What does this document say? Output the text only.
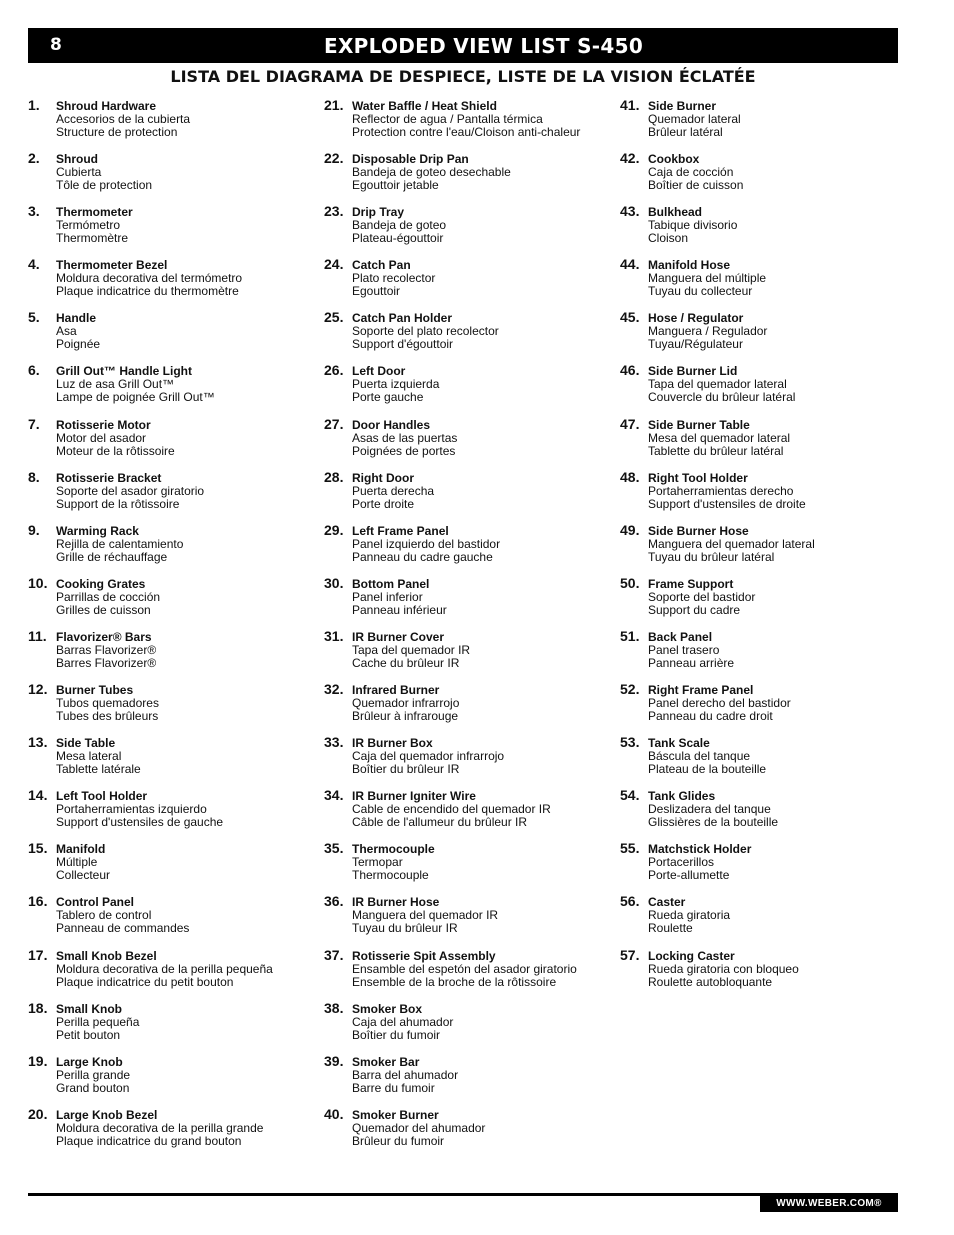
8	EXPLODED VIEW LIST S-450
LISTA DEL DIAGRAMA DE DESPIECE, LISTE DE LA VISION ÉCLATÉE
1. Shroud Hardware
Accesorios de la cubierta
Structure de protection
2. Shroud
Cubierta
Tôle de protection
3. Thermometer
Termómetro
Thermomètre
4. Thermometer Bezel
Moldura decorativa del termómetro
Plaque indicatrice du thermomètre
5. Handle
Asa
Poignée
6. Grill Out™ Handle Light
Luz de asa Grill Out™
Lampe de poignée Grill Out™
7. Rotisserie Motor
Motor del asador
Moteur de la rôtissoire
8. Rotisserie Bracket
Soporte del asador giratorio
Support de la rôtissoire
9. Warming Rack
Rejilla de calentamiento
Grille de réchauffage
10. Cooking Grates
Parrillas de cocción
Grilles de cuisson
11. Flavorizer® Bars
Barras Flavorizer®
Barres Flavorizer®
12. Burner Tubes
Tubos quemadores
Tubes des brûleurs
13. Side Table
Mesa lateral
Tablette latérale
14. Left Tool Holder
Portaherramientas izquierdo
Support d'ustensiles de gauche
15. Manifold
Múltiple
Collecteur
16. Control Panel
Tablero de control
Panneau de commandes
17. Small Knob Bezel
Moldura decorativa de la perilla pequeña
Plaque indicatrice du petit bouton
18. Small Knob
Perilla pequeña
Petit bouton
19. Large Knob
Perilla grande
Grand bouton
20. Large Knob Bezel
Moldura decorativa de la perilla grande
Plaque indicatrice du grand bouton
21. Water Baffle / Heat Shield
Reflector de agua / Pantalla térmica
Protection contre l'eau/Cloison anti-chaleur
22. Disposable Drip Pan
Bandeja de goteo desechable
Egouttoir jetable
23. Drip Tray
Bandeja de goteo
Plateau-égouttoir
24. Catch Pan
Plato recolector
Egouttoir
25. Catch Pan Holder
Soporte del plato recolector
Support d'égouttoir
26. Left Door
Puerta izquierda
Porte gauche
27. Door Handles
Asas de las puertas
Poignées de portes
28. Right Door
Puerta derecha
Porte droite
29. Left Frame Panel
Panel izquierdo del bastidor
Panneau du cadre gauche
30. Bottom Panel
Panel inferior
Panneau inférieur
31. IR Burner Cover
Tapa del quemador IR
Cache du brûleur IR
32. Infrared Burner
Quemador infrarrojo
Brûleur à infrarouge
33. IR Burner Box
Caja del quemador infrarrojo
Boîtier du brûleur IR
34. IR Burner Igniter Wire
Cable de encendido del quemador IR
Câble de l'allumeur du brûleur IR
35. Thermocouple
Termopar
Thermocouple
36. IR Burner Hose
Manguera del quemador IR
Tuyau du brûleur IR
37. Rotisserie Spit Assembly
Ensamble del espetón del asador giratorio
Ensemble de la broche de la rôtissoire
38. Smoker Box
Caja del ahumador
Boîtier du fumoir
39. Smoker Bar
Barra del ahumador
Barre du fumoir
40. Smoker Burner
Quemador del ahumador
Brûleur du fumoir
41. Side Burner
Quemador lateral
Brûleur latéral
42. Cookbox
Caja de cocción
Boîtier de cuisson
43. Bulkhead
Tabique divisorio
Cloison
44. Manifold Hose
Manguera del múltiple
Tuyau du collecteur
45. Hose / Regulator
Manguera / Regulador
Tuyau/Régulateur
46. Side Burner Lid
Tapa del quemador lateral
Couvercle du brûleur latéral
47. Side Burner Table
Mesa del quemador lateral
Tablette du brûleur latéral
48. Right Tool Holder
Portaherramientas derecho
Support d'ustensiles de droite
49. Side Burner Hose
Manguera del quemador lateral
Tuyau du brûleur latéral
50. Frame Support
Soporte del bastidor
Support du cadre
51. Back Panel
Panel trasero
Panneau arrière
52. Right Frame Panel
Panel derecho del bastidor
Panneau du cadre droit
53. Tank Scale
Báscula del tanque
Plateau de la bouteille
54. Tank Glides
Deslizadera del tanque
Glissières de la bouteille
55. Matchstick Holder
Portacerillos
Porte-allumette
56. Caster
Rueda giratoria
Roulette
57. Locking Caster
Rueda giratoria con bloqueo
Roulette autobloquante
WWW.WEBER.COM®
